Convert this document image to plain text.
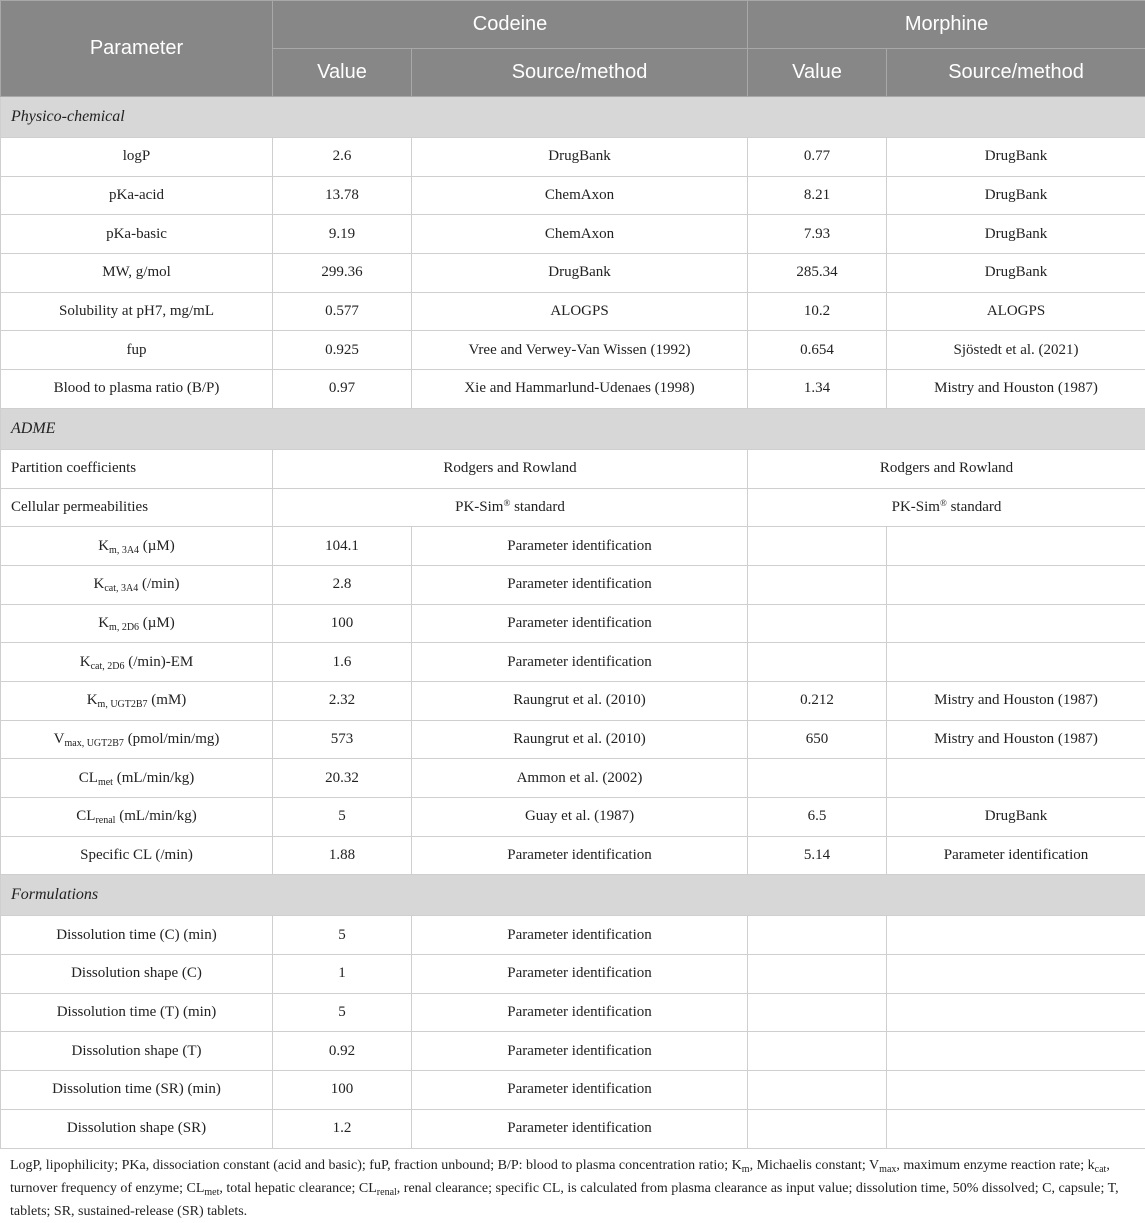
Parameter	Codeine		Morphine	
	Value	Source/method	Value	Source/method
Physico-chemical				
logP	2.6	DrugBank	0.77	DrugBank
pKa-acid	13.78	ChemAxon	8.21	DrugBank
pKa-basic	9.19	ChemAxon	7.93	DrugBank
MW, g/mol	299.36	DrugBank	285.34	DrugBank
Solubility at pH7, mg/mL	0.577	ALOGPS	10.2	ALOGPS
fup	0.925	Vree and Verwey-Van Wissen (1992)	0.654	Sjöstedt et al. (2021)
Blood to plasma ratio (B/P)	0.97	Xie and Hammarlund-Udenaes (1998)	1.34	Mistry and Houston (1987)
ADME				
Partition coefficients	Rodgers and Rowland		Rodgers and Rowland	
Cellular permeabilities	PK-Sim® standard		PK-Sim® standard	
$K_{m, 3A4}$ (µM)	104.1	Parameter identification		
$K_{cat, 3A4}$ (/min)	2.8	Parameter identification		
$K_{m, 2D6}$ (µM)	100	Parameter identification		
$K_{cat, 2D6}$ (/min)-EM	1.6	Parameter identification		
$K_{m, UGT2B7}$ (mM)	2.32	Raungrut et al. (2010)	0.212	Mistry and Houston (1987)
$V_{max, UGT2B7}$ (pmol/min/mg)	573	Raungrut et al. (2010)	650	Mistry and Houston (1987)
$CL_{met}$ (mL/min/kg)	20.32	Ammon et al. (2002)		
$CL_{renal}$ (mL/min/kg)	5	Guay et al. (1987)	6.5	DrugBank
Specific CL (/min)	1.88	Parameter identification	5.14	Parameter identification
Formulations				
Dissolution time (C) (min)	5	Parameter identification		
Dissolution shape (C)	1	Parameter identification		
Dissolution time (T) (min)	5	Parameter identification		
Dissolution shape (T)	0.92	Parameter identification		
Dissolution time (SR) (min)	100	Parameter identification		
Dissolution shape (SR)	1.2	Parameter identification		
LogP, lipophilicity; PKa, dissociation constant (acid and basic); fuP, fraction unbound; B/P: blood to plasma concentration ratio; $K_m$, Michaelis constant; $V_{max}$, maximum enzyme reaction rate; $k_{cat}$, turnover frequency of enzyme; $CL_{met}$, total hepatic clearance; $CL_{renal}$, renal clearance; specific CL, is calculated from plasma clearance as input value; dissolution time, 50% dissolved; C, capsule; T, tablets; SR, sustained-release (SR) tablets.
